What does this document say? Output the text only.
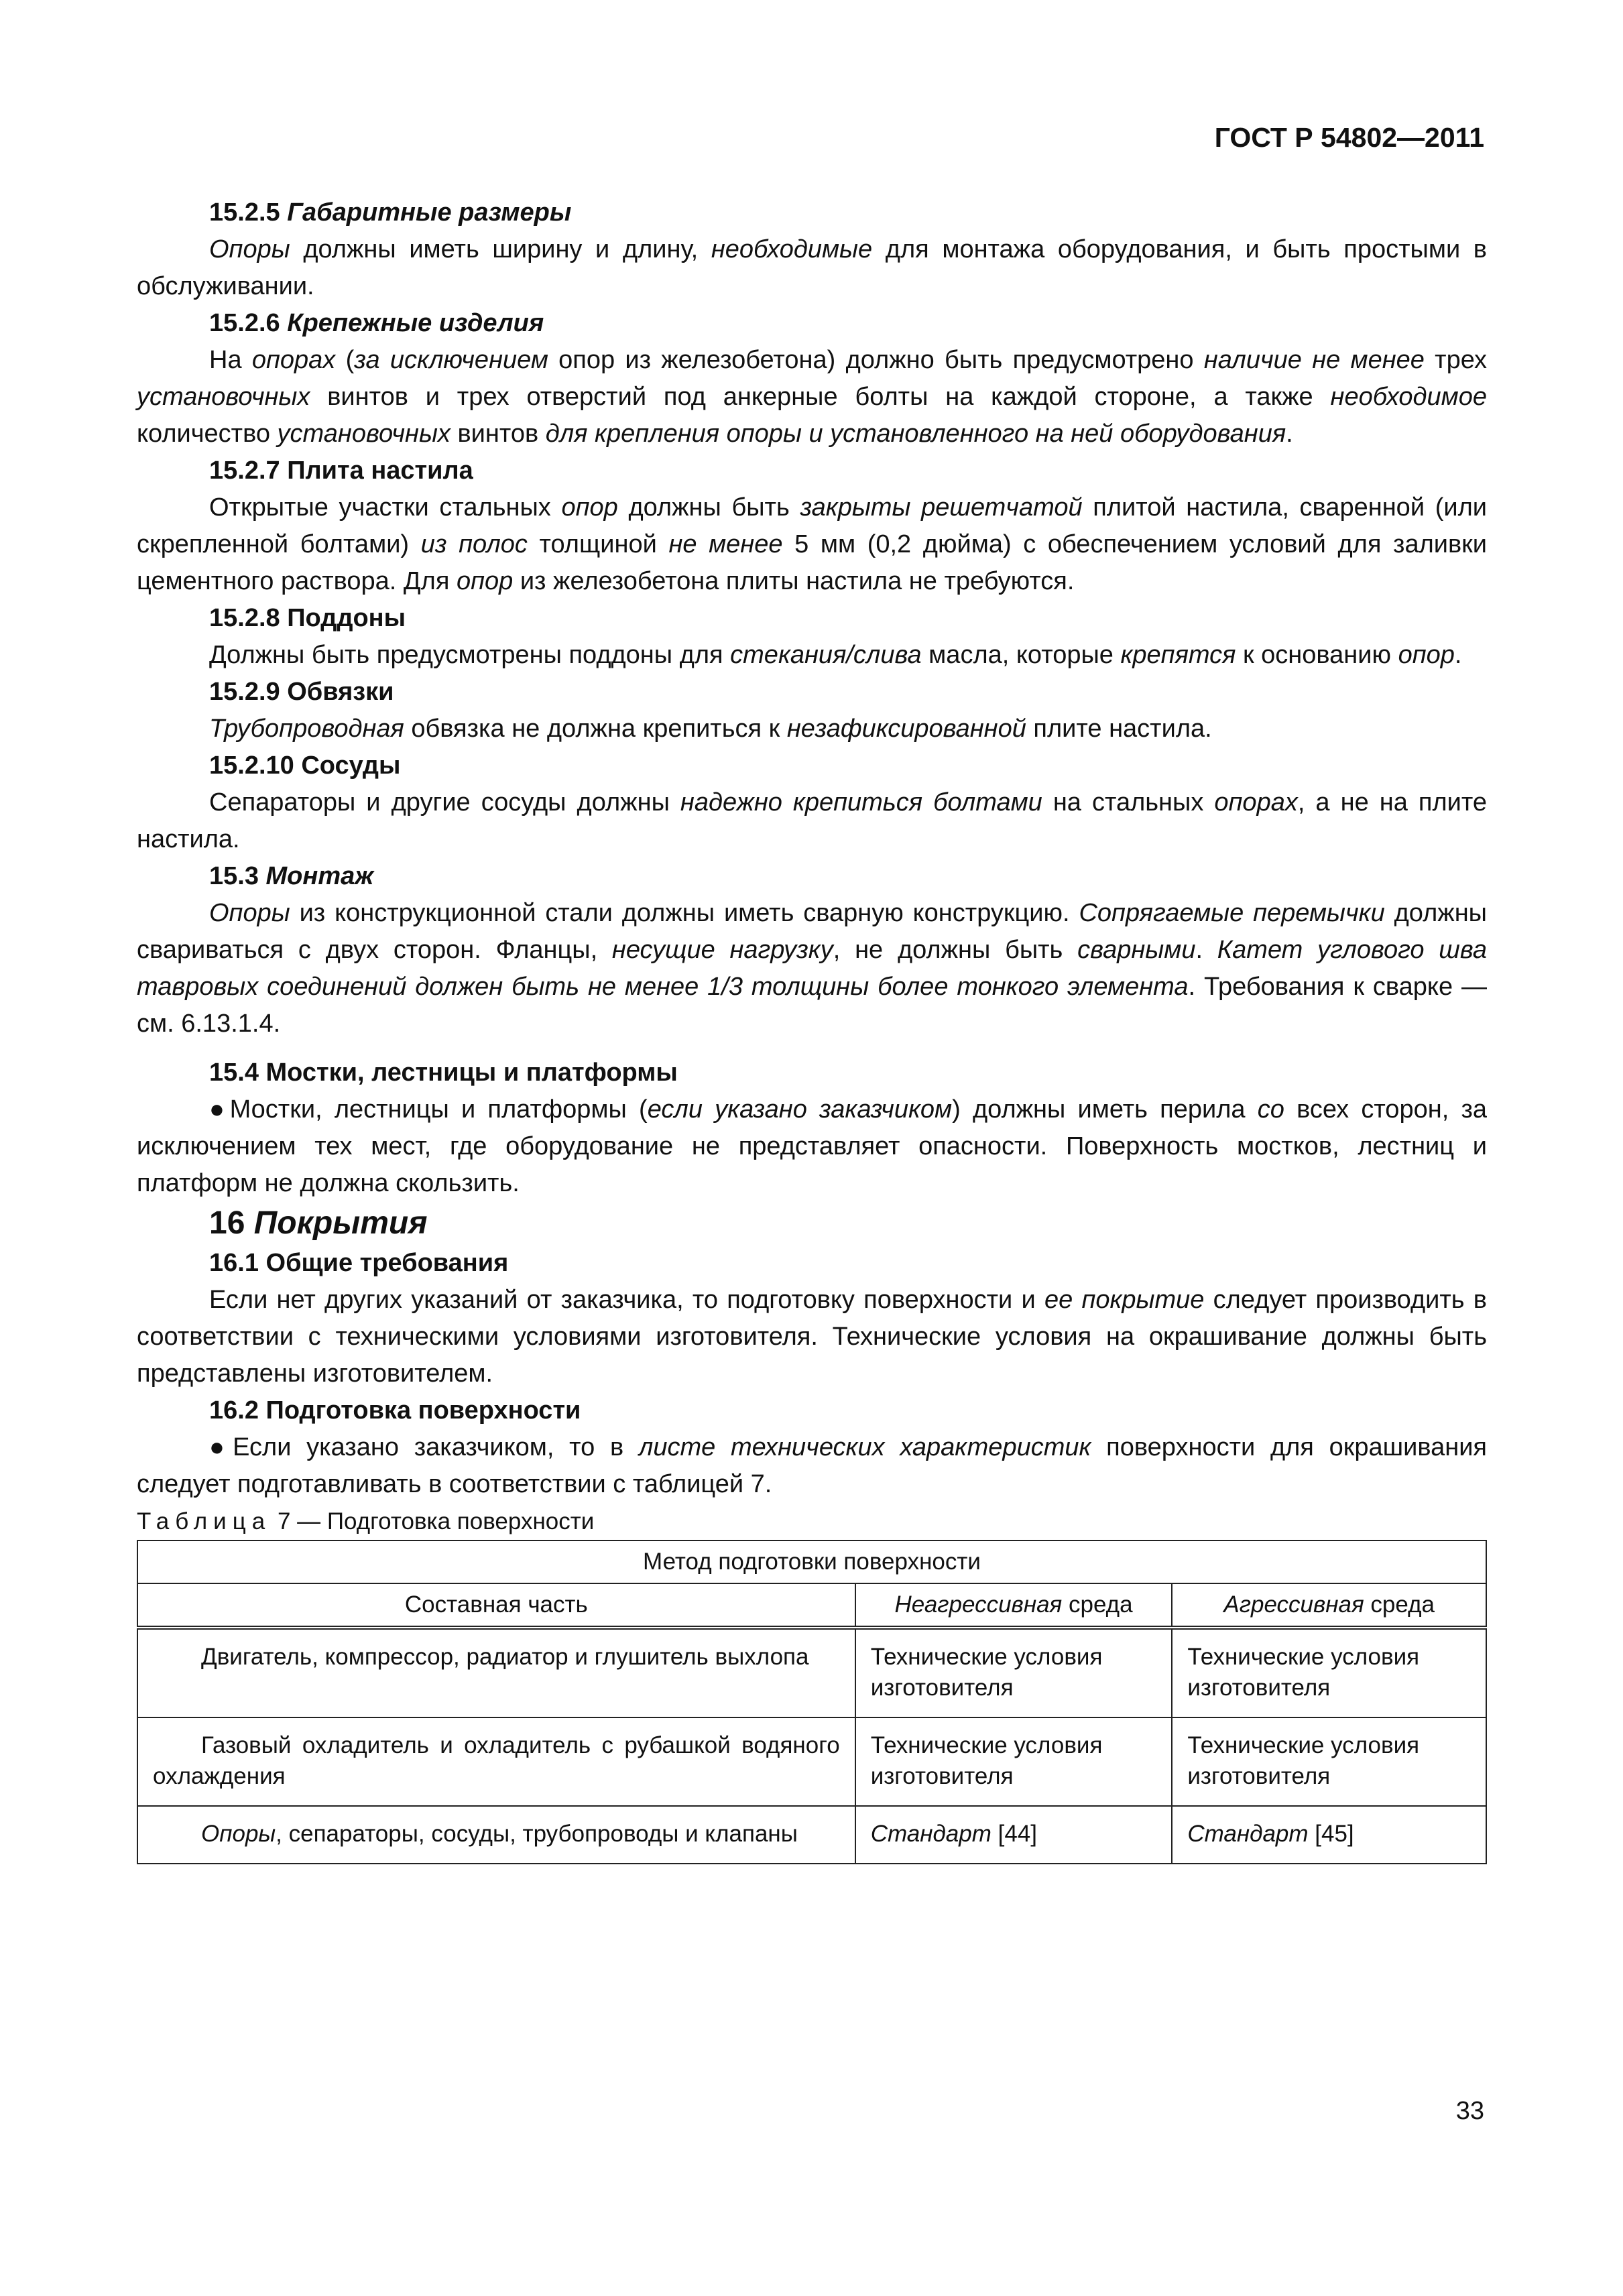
ГОСТ Р 54802—2011

15.2.5 Габаритные размеры

Опоры должны иметь ширину и длину, необходимые для монтажа оборудования, и быть простыми в обслуживании.

15.2.6 Крепежные изделия

На опорах (за исключением опор из железобетона) должно быть предусмотрено наличие не менее трех установочных винтов и трех отверстий под анкерные болты на каждой стороне, а также необходимое количество установочных винтов для крепления опоры и установленного на ней оборудования.

15.2.7 Плита настила

Открытые участки стальных опор должны быть закрыты решетчатой плитой настила, сваренной (или скрепленной болтами) из полос толщиной не менее 5 мм (0,2 дюйма) с обеспечением условий для заливки цементного раствора. Для опор из железобетона плиты настила не требуются.

15.2.8 Поддоны

Должны быть предусмотрены поддоны для стекания/слива масла, которые крепятся к основанию опор.

15.2.9 Обвязки

Трубопроводная обвязка не должна крепиться к незафиксированной плите настила.

15.2.10 Сосуды

Сепараторы и другие сосуды должны надежно крепиться болтами на стальных опорах, а не на плите настила.

15.3 Монтаж

Опоры из конструкционной стали должны иметь сварную конструкцию. Сопрягаемые перемычки должны свариваться с двух сторон. Фланцы, несущие нагрузку, не должны быть сварными. Катет углового шва тавровых соединений должен быть не менее 1/3 толщины более тонкого элемента. Требования к сварке — см. 6.13.1.4.

15.4 Мостки, лестницы и платформы

●Мостки, лестницы и платформы (если указано заказчиком) должны иметь перила со всех сторон, за исключением тех мест, где оборудование не представляет опасности. Поверхность мостков, лестниц и платформ не должна скользить.

16 Покрытия

16.1 Общие требования

Если нет других указаний от заказчика, то подготовку поверхности и ее покрытие следует производить в соответствии с техническими условиями изготовителя. Технические условия на окрашивание должны быть представлены изготовителем.

16.2 Подготовка поверхности

●Если указано заказчиком, то в листе технических характеристик поверхности для окрашивания следует подготавливать в соответствии с таблицей 7.

Таблица 7 — Подготовка поверхности

Метод подготовки поверхности		
Составная часть	Неагрессивная среда	Агрессивная среда
Двигатель, компрессор, радиатор и глушитель выхлопа	Технические условия изготовителя	Технические условия изготовителя
Газовый охладитель и охладитель с рубашкой водяного охлаждения	Технические условия изготовителя	Технические условия изготовителя
Опоры, сепараторы, сосуды, трубопроводы и клапаны	Стандарт [44]	Стандарт [45]
33
